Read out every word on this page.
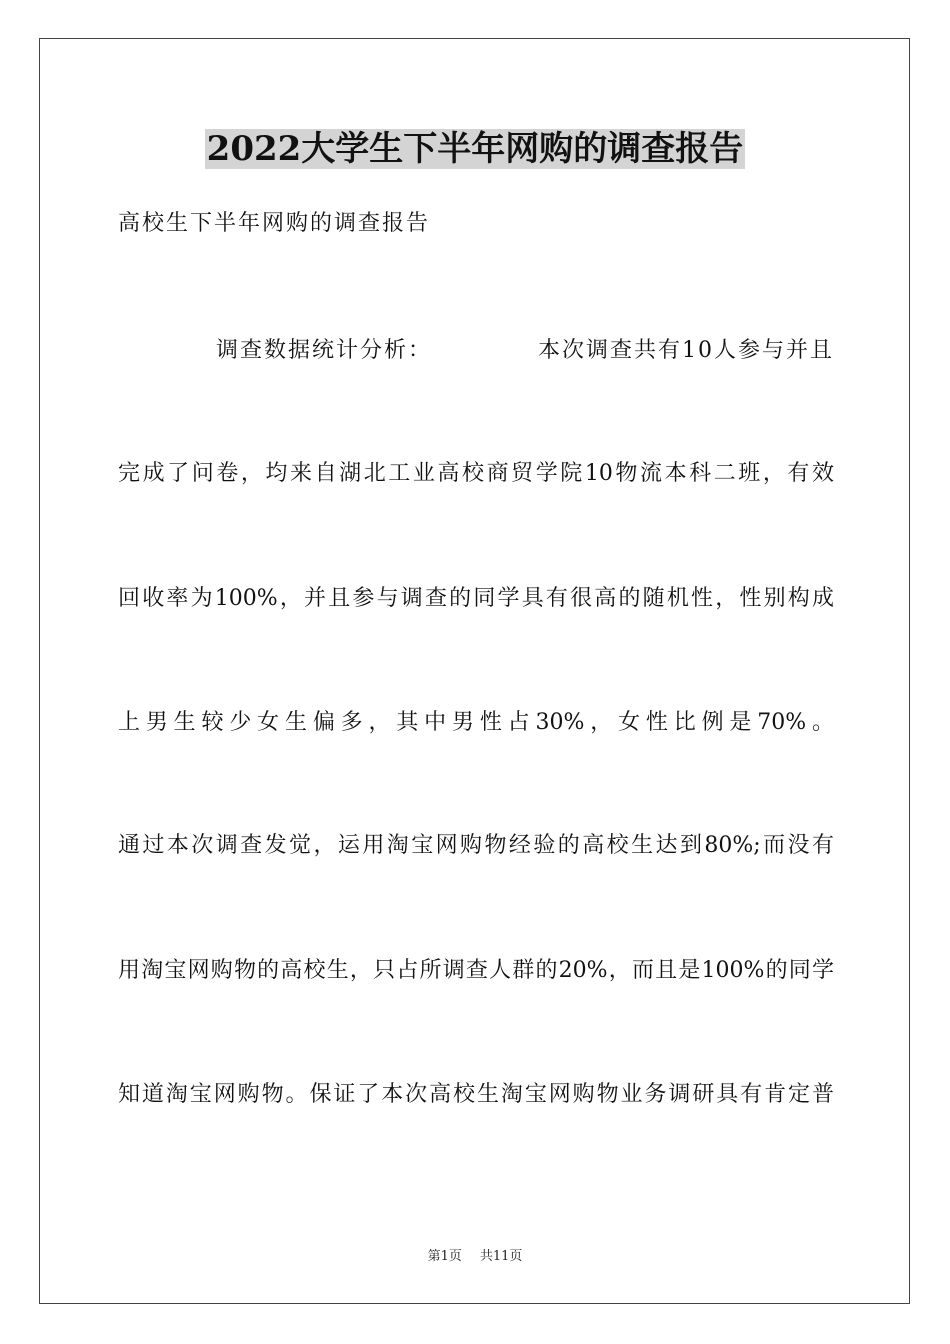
2022大学生下半年网购的调查报告
高校生下半年网购的调查报告
调查数据统计分析：	本次调查共有10人参与并且
完成了问卷，均来自湖北工业高校商贸学院10物流本科二班，有效
回收率为100%，并且参与调查的同学具有很高的随机性，性别构成
上男生较少女生偏多，其中男性占30%，女性比例是70%。
通过本次调查发觉，运用淘宝网购物经验的高校生达到80%;而没有
用淘宝网购物的高校生，只占所调查人群的20%，而且是100%的同学
知道淘宝网购物。保证了本次高校生淘宝网购物业务调研具有肯定普
第1页 共11页
